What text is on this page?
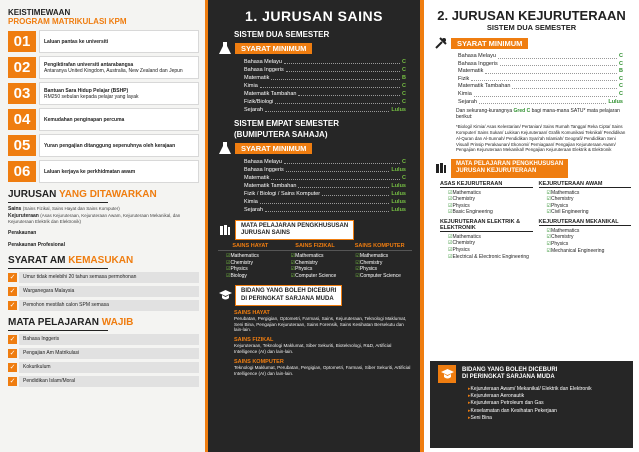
KEISTIMEWAAN
PROGRAM MATRIKULASI KPM
01	Laluan pantas ke universiti
02	Pengiktirafan universiti antarabangsa
Antaranya United Kingdom, Australia, New Zealand dan Jepun
03	Bantuan Sara Hidup Pelajar (BSHP)
RM250 sebulan kepada pelajar yang layak
04	Kemudahan penginapan percuma
05	Yuran pengajian ditanggung sepenuhnya oleh kerajaan
06	Laluan kerjaya ke perkhidmatan awam
JURUSAN YANG DITAWARKAN
Sains (Sains Fizikal, Sains Hayat dan Sains Komputer)
Kejuruteraan (Asas Kejuruteraan, Kejuruteraan Awam, Kejuruteraan Mekanikal, dan Kejuruteraan Elektrik dan Elektronik)
Perakaunan
Perakaunan Profesional
SYARAT AM KEMASUKAN
✓	Umur tidak melebihi 20 tahun semasa permohonan
✓	Warganegara Malaysia
✓	Pemohon mestilah calon SPM semasa
MATA PELAJARAN WAJIB
✓	Bahasa Inggeris
✓	Pengajian Am Matrikulasi
✓	Kokurikulum
✓	Pendidikan Islam/Moral
1. JURUSAN SAINS
SISTEM DUA SEMESTER
SYARAT MINIMUM
Bahasa Melayu	C
Bahasa Inggeris	C
Matematik	B
Kimia	C
Matematik Tambahan	C
Fizik/Biologi	C
Sejarah	Lulus
SISTEM EMPAT SEMESTER
(BUMIPUTERA SAHAJA)
SYARAT MINIMUM
Bahasa Melayu	C
Bahasa Inggeris	Lulus
Matematik	C
Matematik Tambahan	Lulus
Fizik / Biologi / Sains Komputer	Lulus
Kimia	Lulus
Sejarah	Lulus
MATA PELAJARAN PENGKHUSUSAN
JURUSAN SAINS
SAINS HAYAT
☑ Mathematics
☑ Chemistry
☑ Physics
☑ Biology
SAINS FIZIKAL
☑ Mathematics
☑ Chemistry
☑ Physics
☑ Computer Science
SAINS KOMPUTER
☑ Mathematics
☑ Chemistry
☑ Physics
☑ Computer Science
BIDANG YANG BOLEH DICEBURI
DI PERINGKAT SARJANA MUDA
SAINS HAYAT
Perubatan, Pergigian, Optometri, Farmasi, Sains, Kejuruteraan, Teknologi Maklumat, Seni Bina, Pengajian Kejuruteraan, Sains Forensik, Sains Kesihatan Bersekutu dan lain-lain.
SAINS FIZIKAL
Kejuruteraan, Teknologi Maklumat, Siber Sekuriti, Bioteknologi, R&D, Artificial Intelligence (AI) dan lain-lain.
SAINS KOMPUTER
Teknologi Maklumat, Perubatan, Pergigian, Optometri, Farmasi, Siber Sekuriti, Artificial Intelligence (AI) dan lain-lain.
2. JURUSAN KEJURUTERAAN
SISTEM DUA SEMESTER
SYARAT MINIMUM
Bahasa Melayu	C
Bahasa Inggeris	C
Matematik	B
Fizik	C
Matematik Tambahan	C
Kimia	C
Sejarah	Lulus
Dan sekurang-kurangnya Gred C bagi mana-mana SATU* mata pelajaran berikut:
*Biologi/ Kimia/ Asas Kelestarian/ Pertanian/ Sains Rumah Tangga/ Reka Cipta/ Sains Komputer/ Sains Sukan/ Lukisan Kejuruteraan/ Grafik Komunikasi Teknikal/ Pendidikan Al-Quran dan Al-Sunnah/ Pendidikan Syari'ah Islamiah/ Geografi/ Pendidikan Seni Visual/ Prinsip Perakaunan/ Ekonomi/ Perniagaan/ Pengajian Kejuruteraan Awam/ Pengajian Kejuruteraan Mekanikal/ Pengajian Kejuruteraan Elektrik & Elektronik
MATA PELAJARAN PENGKHUSUSAN
JURUSAN KEJURUTERAAN
ASAS KEJURUTERAAN
☑ Mathematics
☑ Chemistry
☑ Physics
☑ Basic Engineering
KEJURUTERAAN AWAM
☑ Mathematics
☑ Chemistry
☑ Physics
☑ Civil Engineering
KEJURUTERAAN ELEKTRIK & ELEKTRONIK
☑ Mathematics
☑ Chemistry
☑ Physics
☑ Electrical & Electronic Engineering
KEJURUTERAAN MEKANIKAL
☑ Mathematics
☑ Chemistry
☑ Physics
☑ Mechanical Engineering
BIDANG YANG BOLEH DICEBURI
DI PERINGKAT SARJANA MUDA
▸ Kejuruteraan Awam/ Mekanikal/ Elektrik dan Elektronik
▸ Kejuruteraan Aeronautik
▸ Kejuruteraan Petroleum dan Gas
▸ Keselamatan dan Kesihatan Pekerjaan
▸ Seni Bina
